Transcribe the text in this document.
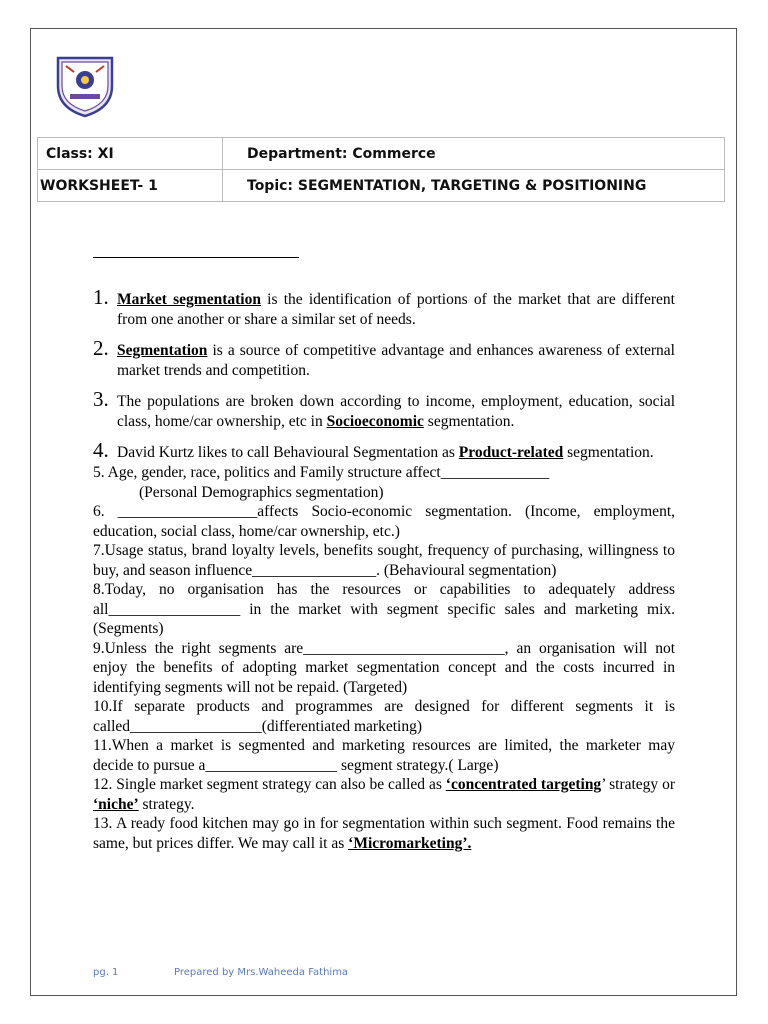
Class: XI	Department: Commerce
WORKSHEET- 1	Topic: SEGMENTATION, TARGETING & POSITIONING
1. Market segmentation is the identification of portions of the market that are different from one another or share a similar set of needs.
2. Segmentation is a source of competitive advantage and enhances awareness of external market trends and competition.
3. The populations are broken down according to income, employment, education, social class, home/car ownership, etc in Socioeconomic segmentation.
4. David Kurtz likes to call Behavioural Segmentation as Product-related segmentation.

5. Age, gender, race, politics and Family structure affect______________

(Personal Demographics segmentation)

6. __________________affects Socio-economic segmentation. (Income, employment, education, social class, home/car ownership, etc.)

7.Usage status, brand loyalty levels, benefits sought, frequency of purchasing, willingness to buy, and season influence________________. (Behavioural segmentation)

8.Today, no organisation has the resources or capabilities to adequately address all_________________ in the market with segment specific sales and marketing mix. (Segments)

9.Unless the right segments are__________________________, an organisation will not enjoy the benefits of adopting market segmentation concept and the costs incurred in identifying segments will not be repaid. (Targeted)

10.If separate products and programmes are designed for different segments it is called_________________(differentiated marketing)

11.When a market is segmented and marketing resources are limited, the marketer may decide to pursue a_________________ segment strategy.( Large)

12. Single market segment strategy can also be called as ‘concentrated targeting’ strategy or ‘niche’ strategy.

13. A ready food kitchen may go in for segmentation within such segment. Food remains the same, but prices differ. We may call it as ‘Micromarketing’.

pg. 1	Prepared by Mrs.Waheeda Fathima
